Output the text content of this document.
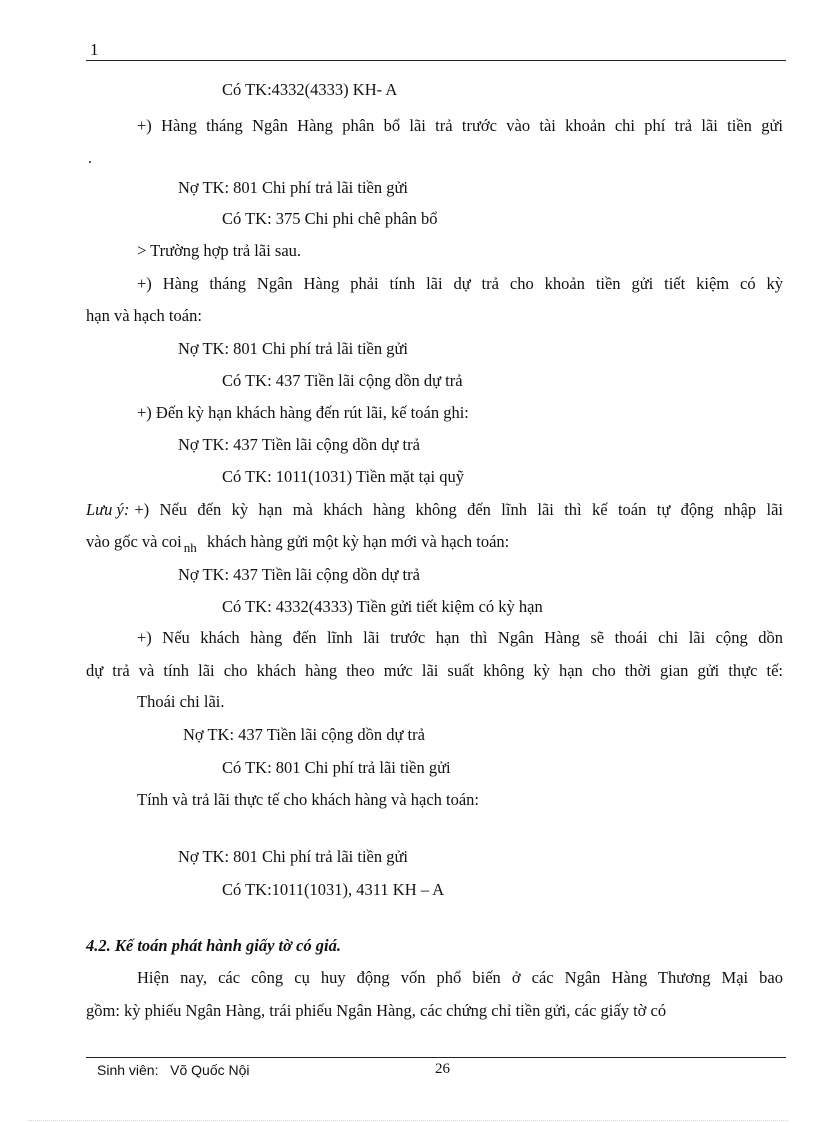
1
Có TK:4332(4333) KH- A
+) Hàng tháng Ngân Hàng phân bổ lãi trả trước vào tài khoản chi phí trả lãi tiền gửi
.
Nợ TK: 801 Chi phí trả lãi tiền gửi
Có TK: 375 Chi phi chê phân bổ
> Trường hợp trả lãi sau.
+) Hàng tháng Ngân Hàng phải tính lãi dự trả cho khoản tiền gửi tiết kiệm có kỳ
hạn và hạch toán:
Nợ TK: 801 Chi phí trả lãi tiền gửi
Có TK: 437 Tiền lãi cộng dồn dự trả
+) Đến kỳ hạn khách hàng đến rút lãi, kế toán ghi:
Nợ TK: 437 Tiền lãi cộng dồn dự trả
Có TK: 1011(1031) Tiền mặt tại quỹ
Lưu ý: +) Nếu đến kỳ hạn mà khách hàng không đến lĩnh lãi thì kế toán tự động nhập lãi
vào gốc và coi $_{nh}$ khách hàng gửi một kỳ hạn mới và hạch toán:
Nợ TK: 437 Tiền lãi cộng dồn dự trả
Có TK: 4332(4333) Tiền gửi tiết kiệm có kỳ hạn
+) Nếu khách hàng đến lĩnh lãi trước hạn thì Ngân Hàng sẽ thoái chi lãi cộng dồn
dự trả và tính lãi cho khách hàng theo mức lãi suất không kỳ hạn cho thời gian gửi thực tế:
Thoái chi lãi.
Nợ TK: 437 Tiền lãi cộng dồn dự trả
Có TK: 801 Chi phí trả lãi tiền gửi
Tính và trả lãi thực tế cho khách hàng và hạch toán:
Nợ TK: 801 Chi phí trả lãi tiền gửi
Có TK:1011(1031), 4311 KH – A
4.2. Kế toán phát hành giấy tờ có giá.
Hiện nay, các công cụ huy động vốn phổ biến ở các Ngân Hàng Thương Mại bao
gồm: kỳ phiếu Ngân Hàng, trái phiếu Ngân Hàng, các chứng chỉ tiền gửi, các giấy tờ có
Sinh viên: Võ Quốc Nội	26
